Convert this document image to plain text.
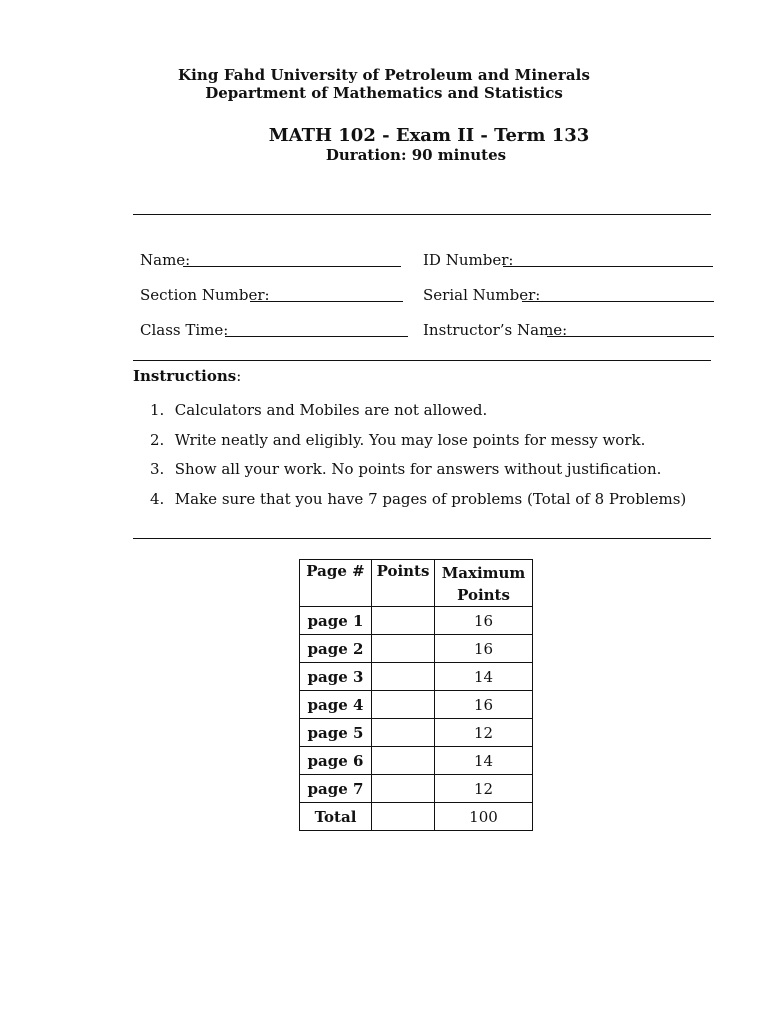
King Fahd University of Petroleum and Minerals
Department of Mathematics and Statistics
MATH 102 - Exam II - Term 133
Duration: 90 minutes
Name:	ID Number:
Section Number:	Serial Number:
Class Time:	Instructor’s Name:
Instructions:
1. Calculators and Mobiles are not allowed.
2. Write neatly and eligibly. You may lose points for messy work.
3. Show all your work. No points for answers without justification.
4. Make sure that you have 7 pages of problems (Total of 8 Problems)
Page #	Points	Maximum
Points

page 1		16
page 2		16
page 3		14
page 4		16
page 5		12
page 6		14
page 7		12
Total		100
